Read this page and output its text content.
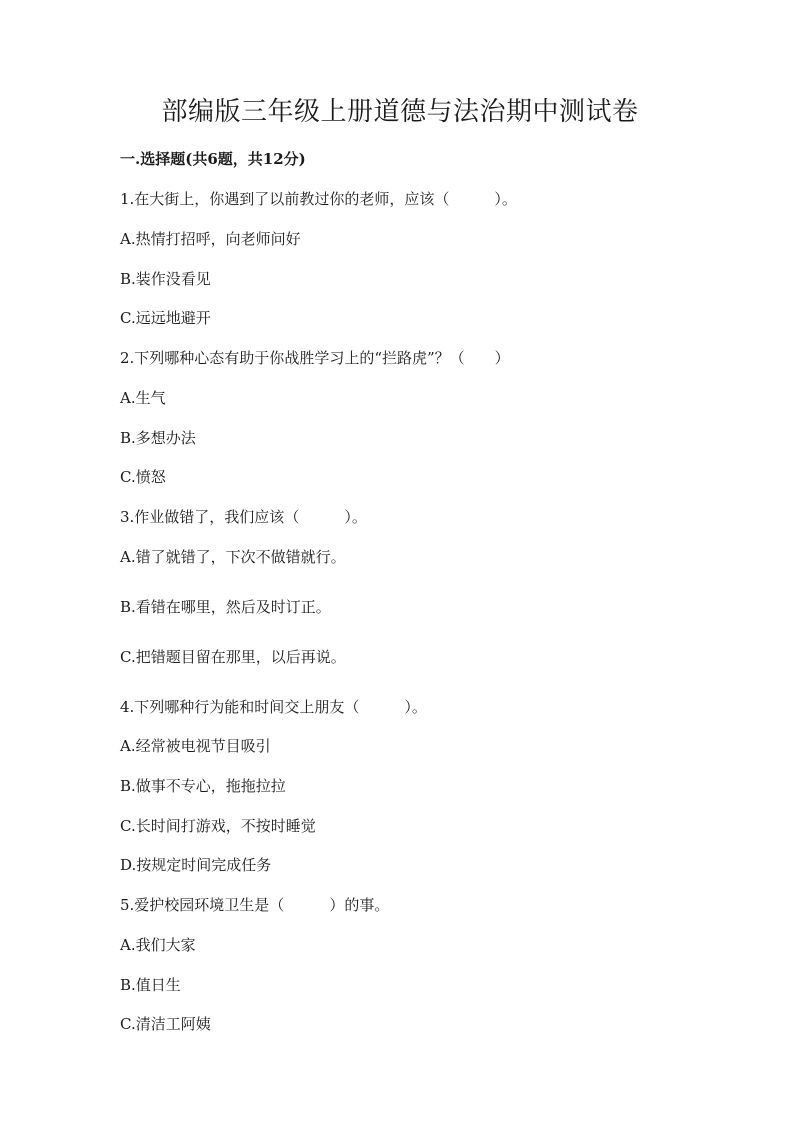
部编版三年级上册道德与法治期中测试卷
一.选择题(共6题，共12分)
1.在大街上，你遇到了以前教过你的老师，应该（　　　）。
A.热情打招呼，向老师问好
B.装作没看见
C.远远地避开
2.下列哪种心态有助于你战胜学习上的“拦路虎”？（　　）
A.生气
B.多想办法
C.愤怒
3.作业做错了，我们应该（　　　）。
A.错了就错了，下次不做错就行。
B.看错在哪里，然后及时订正。
C.把错题目留在那里，以后再说。
4.下列哪种行为能和时间交上朋友（　　　）。
A.经常被电视节目吸引
B.做事不专心，拖拖拉拉
C.长时间打游戏，不按时睡觉
D.按规定时间完成任务
5.爱护校园环境卫生是（　　　）的事。
A.我们大家
B.值日生
C.清洁工阿姨
